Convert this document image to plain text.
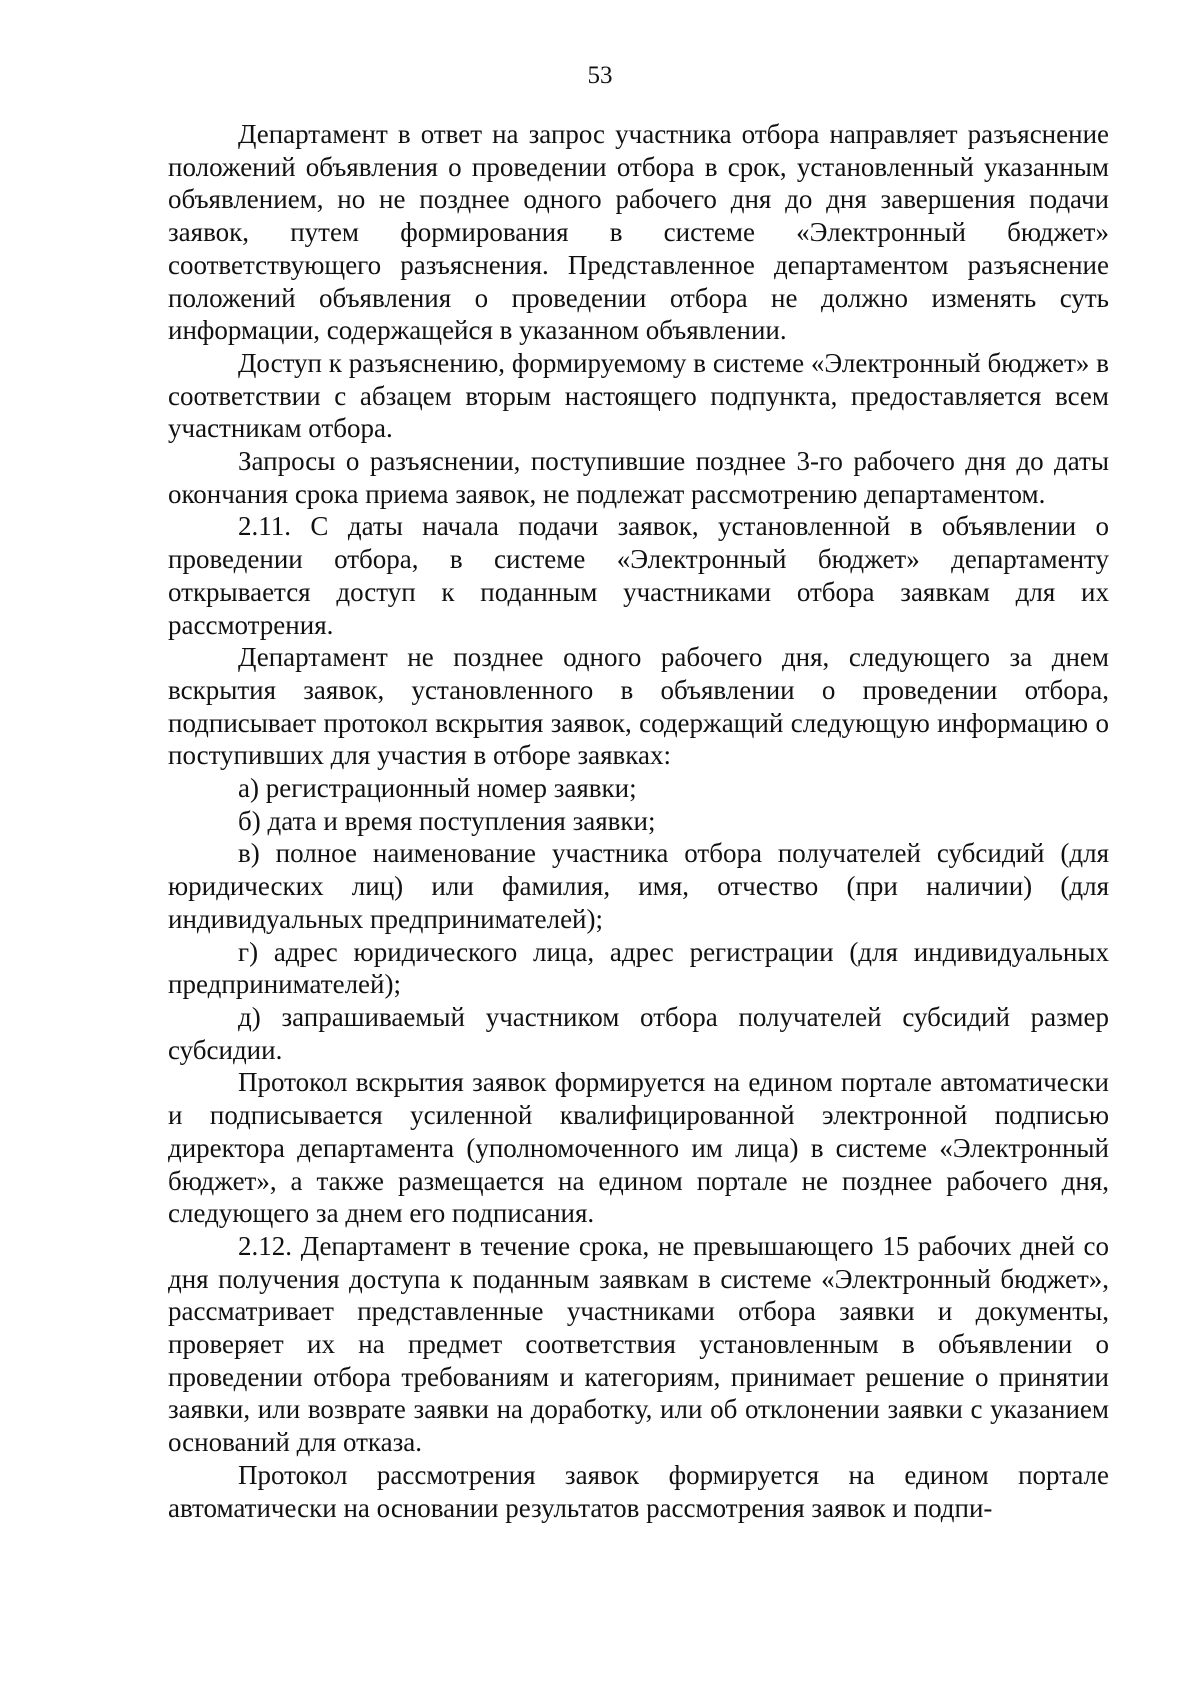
53

Департамент в ответ на запрос участника отбора направляет разъяснение положений объявления о проведении отбора в срок, установленный указанным объявлением, но не позднее одного рабочего дня до дня завершения подачи заявок, путем формирования в системе «Электронный бюджет» соответствующего разъяснения. Представленное департаментом разъяснение положений объявления о проведении отбора не должно изменять суть информации, содержащейся в указанном объявлении.

Доступ к разъяснению, формируемому в системе «Электронный бюджет» в соответствии с абзацем вторым настоящего подпункта, предоставляется всем участникам отбора.

Запросы о разъяснении, поступившие позднее 3-го рабочего дня до даты окончания срока приема заявок, не подлежат рассмотрению департаментом.

2.11. С даты начала подачи заявок, установленной в объявлении о проведении отбора, в системе «Электронный бюджет» департаменту открывается доступ к поданным участниками отбора заявкам для их рассмотрения.

Департамент не позднее одного рабочего дня, следующего за днем вскрытия заявок, установленного в объявлении о проведении отбора, подписывает протокол вскрытия заявок, содержащий следующую информацию о поступивших для участия в отборе заявках:

а) регистрационный номер заявки;

б) дата и время поступления заявки;

в) полное наименование участника отбора получателей субсидий (для юридических лиц) или фамилия, имя, отчество (при наличии) (для индивидуальных предпринимателей);

г) адрес юридического лица, адрес регистрации (для индивидуальных предпринимателей);

д) запрашиваемый участником отбора получателей субсидий размер субсидии.

Протокол вскрытия заявок формируется на едином портале автоматически и подписывается усиленной квалифицированной электронной подписью директора департамента (уполномоченного им лица) в системе «Электронный бюджет», а также размещается на едином портале не позднее рабочего дня, следующего за днем его подписания.

2.12. Департамент в течение срока, не превышающего 15 рабочих дней со дня получения доступа к поданным заявкам в системе «Электронный бюджет», рассматривает представленные участниками отбора заявки и документы, проверяет их на предмет соответствия установленным в объявлении о проведении отбора требованиям и категориям, принимает решение о принятии заявки, или возврате заявки на доработку, или об отклонении заявки с указанием оснований для отказа.

Протокол рассмотрения заявок формируется на едином портале автоматически на основании результатов рассмотрения заявок и подпи-
